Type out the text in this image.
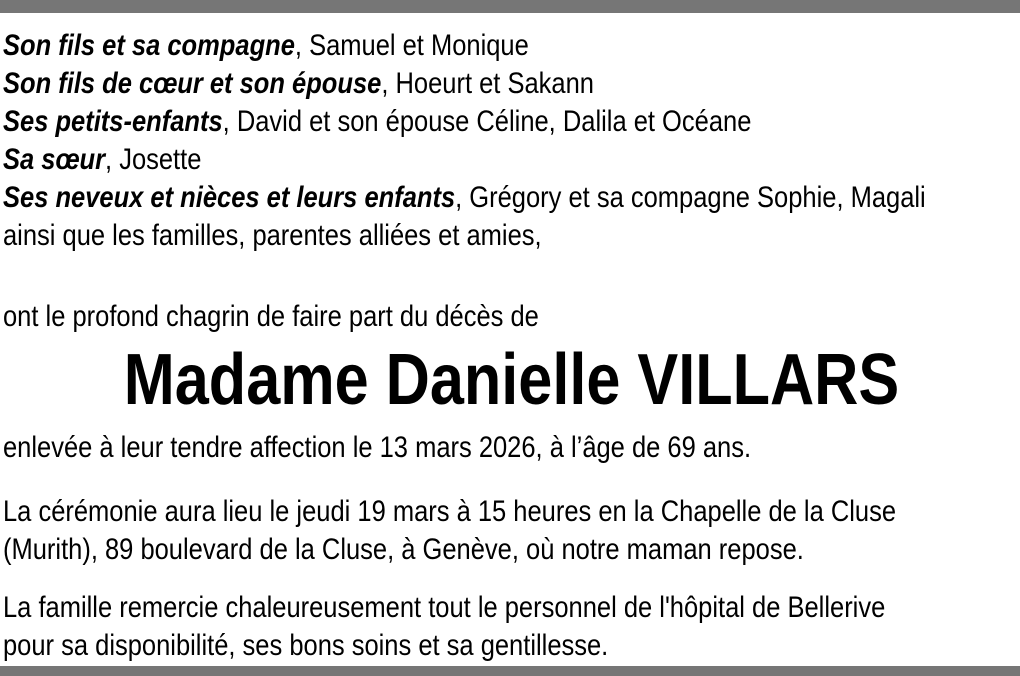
Son fils et sa compagne, Samuel et Monique
Son fils de cœur et son épouse, Hoeurt et Sakann
Ses petits-enfants, David et son épouse Céline, Dalila et Océane
Sa sœur, Josette
Ses neveux et nièces et leurs enfants, Grégory et sa compagne Sophie, Magali
ainsi que les familles, parentes alliées et amies,
ont le profond chagrin de faire part du décès de
Madame Danielle VILLARS
enlevée à leur tendre affection le 13 mars 2026, à l’âge de 69 ans.
La cérémonie aura lieu le jeudi 19 mars à 15 heures en la Chapelle de la Cluse
(Murith), 89 boulevard de la Cluse, à Genève, où notre maman repose.
La famille remercie chaleureusement tout le personnel de l'hôpital de Bellerive
pour sa disponibilité, ses bons soins et sa gentillesse.
